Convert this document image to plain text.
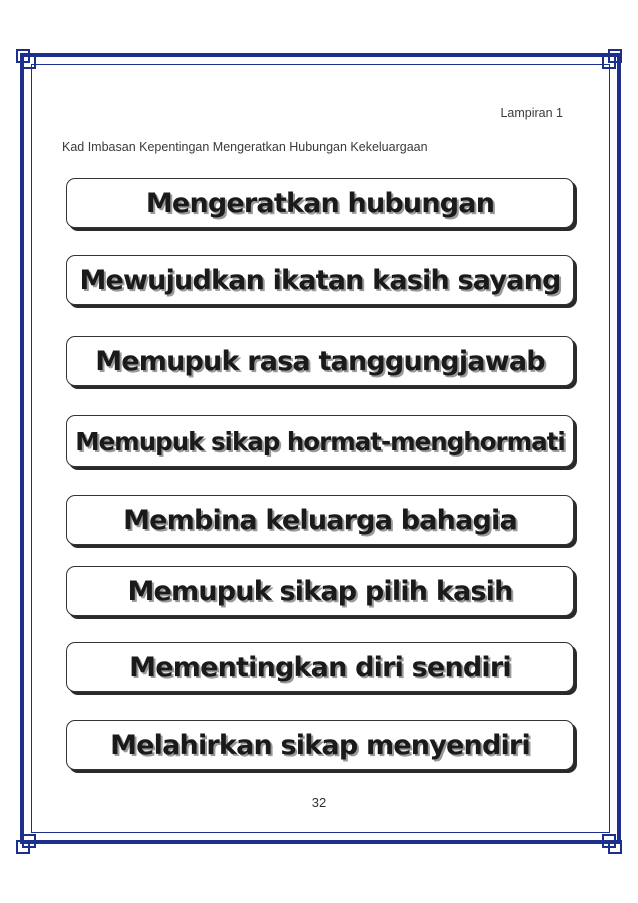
Lampiran 1
Kad Imbasan Kepentingan Mengeratkan Hubungan Kekeluargaan
Mengeratkan hubungan
Mewujudkan ikatan kasih sayang
Memupuk rasa tanggungjawab
Memupuk sikap hormat-menghormati
Membina keluarga bahagia
Memupuk sikap pilih kasih
Mementingkan diri sendiri
Melahirkan sikap menyendiri
32
